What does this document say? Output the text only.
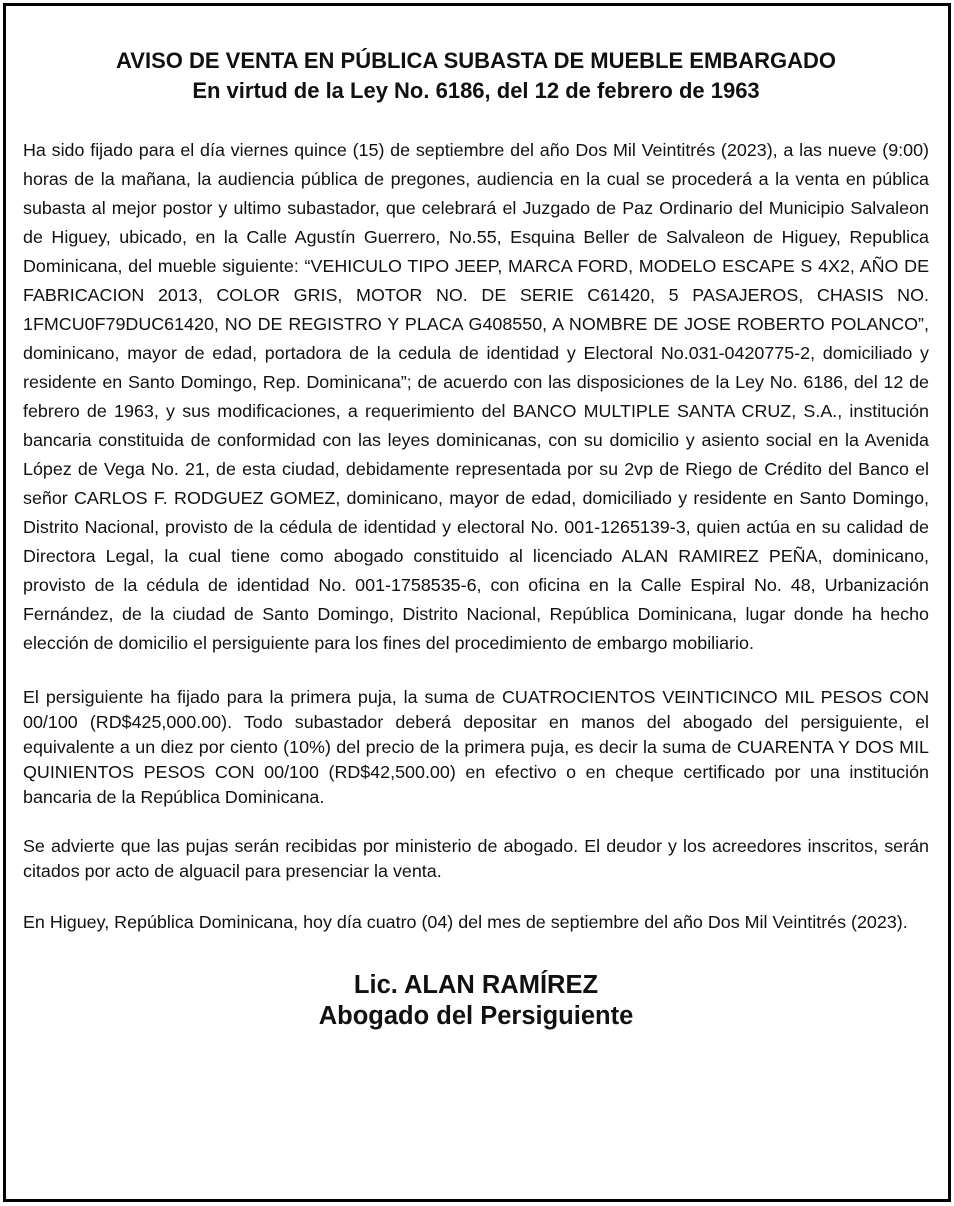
AVISO DE VENTA EN PÚBLICA SUBASTA DE MUEBLE EMBARGADO
En virtud de la Ley No. 6186, del 12 de febrero de 1963

Ha sido fijado para el día viernes quince (15) de septiembre del año Dos Mil Veintitrés (2023), a las nueve (9:00) horas de la mañana, la audiencia pública de pregones, audiencia en la cual se procederá a la venta en pública subasta al mejor postor y ultimo subastador, que celebrará el Juzgado de Paz Ordinario del Municipio Salvaleon de Higuey, ubicado, en la Calle Agustín Guerrero, No.55, Esquina Beller de Salvaleon de Higuey, Republica Dominicana, del mueble siguiente: “VEHICULO TIPO JEEP, MARCA FORD, MODELO ESCAPE S 4X2, AÑO DE FABRICACION 2013, COLOR GRIS, MOTOR NO. DE SERIE C61420, 5 PASAJEROS, CHASIS NO. 1FMCU0F79DUC61420, NO DE REGISTRO Y PLACA G408550, A NOMBRE DE JOSE ROBERTO POLANCO”, dominicano, mayor de edad, portadora de la cedula de identidad y Electoral No.031-0420775-2, domiciliado y residente en Santo Domingo, Rep. Dominicana”; de acuerdo con las disposiciones de la Ley No. 6186, del 12 de febrero de 1963, y sus modificaciones, a requerimiento del BANCO MULTIPLE SANTA CRUZ, S.A., institución bancaria constituida de conformidad con las leyes dominicanas, con su domicilio y asiento social en la Avenida López de Vega No. 21, de esta ciudad, debidamente representada por su 2vp de Riego de Crédito del Banco el señor CARLOS F. RODGUEZ GOMEZ, dominicano, mayor de edad, domiciliado y residente en Santo Domingo, Distrito Nacional, provisto de la cédula de identidad y electoral No. 001-1265139-3, quien actúa en su calidad de Directora Legal, la cual tiene como abogado constituido al licenciado ALAN RAMIREZ PEÑA, dominicano, provisto de la cédula de identidad No. 001-1758535-6, con oficina en la Calle Espiral No. 48, Urbanización Fernández, de la ciudad de Santo Domingo, Distrito Nacional, República Dominicana, lugar donde ha hecho elección de domicilio el persiguiente para los fines del procedimiento de embargo mobiliario.

El persiguiente ha fijado para la primera puja, la suma de CUATROCIENTOS VEINTICINCO MIL PESOS CON 00/100 (RD$425,000.00). Todo subastador deberá depositar en manos del abogado del persiguiente, el equivalente a un diez por ciento (10%) del precio de la primera puja, es decir la suma de CUARENTA Y DOS MIL QUINIENTOS PESOS CON 00/100 (RD$42,500.00) en efectivo o en cheque certificado por una institución bancaria de la República Dominicana.

Se advierte que las pujas serán recibidas por ministerio de abogado. El deudor y los acreedores inscritos, serán citados por acto de alguacil para presenciar la venta.

En Higuey, República Dominicana, hoy día cuatro (04) del mes de septiembre del año Dos Mil Veintitrés (2023).

Lic. ALAN RAMÍREZ
Abogado del Persiguiente
